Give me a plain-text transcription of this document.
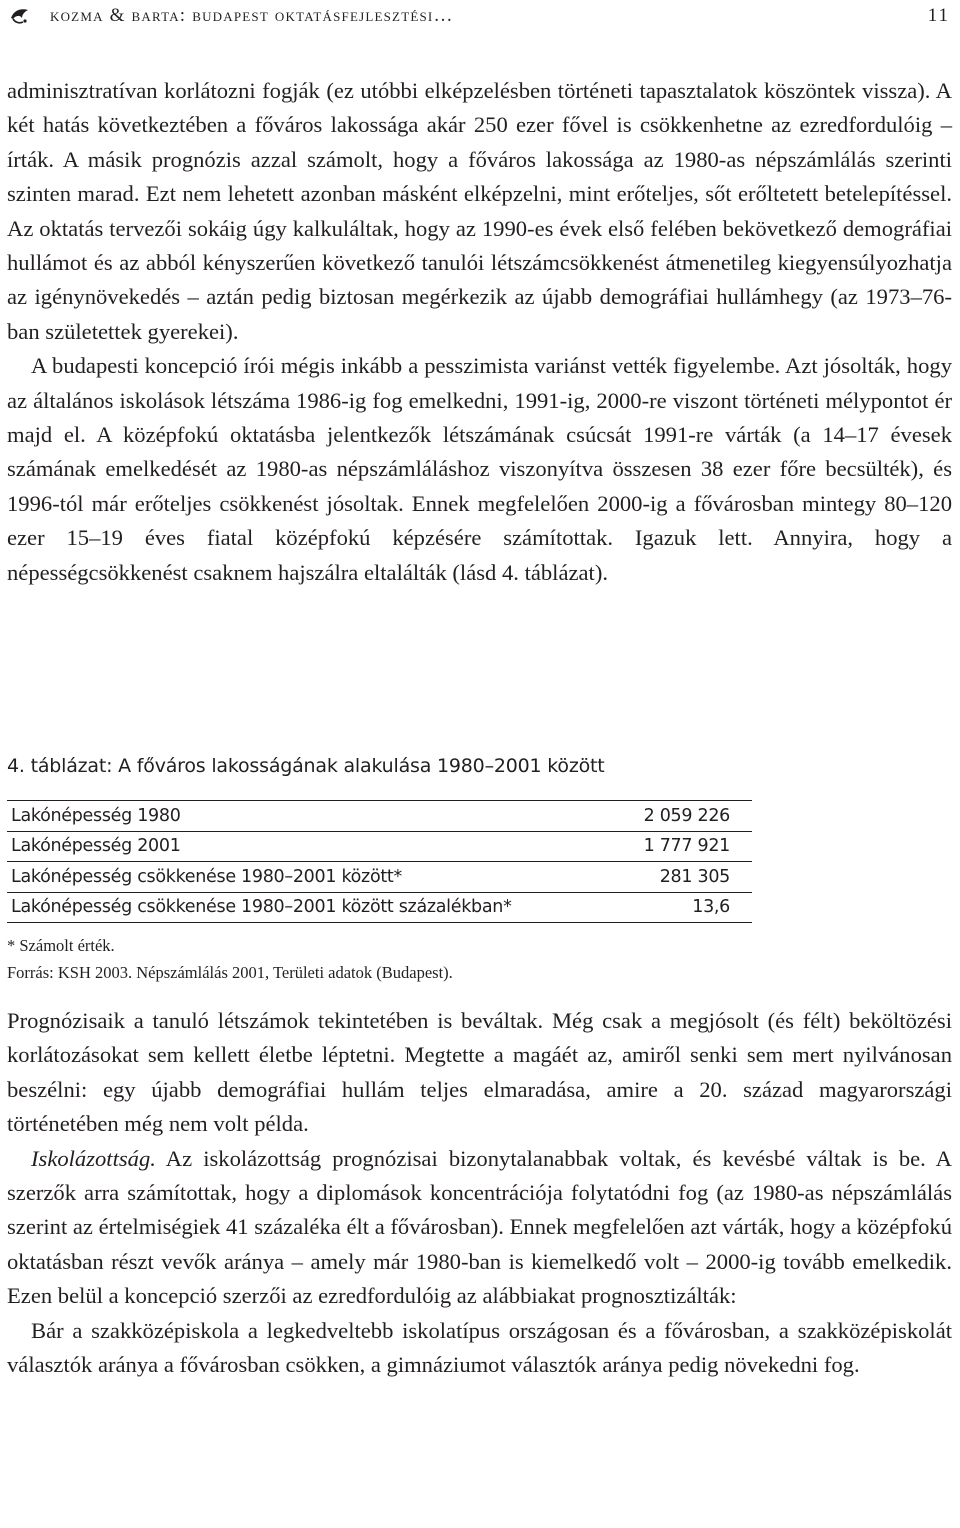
kozma & barta: budapest oktatásfejlesztési…	11

adminisztratívan korlátozni fogják (ez utóbbi elképzelésben történeti tapasztalatok köszöntek vissza). A két hatás következtében a főváros lakossága akár 250 ezer fővel is csökkenhetne az ezredfordulóig – írták. A másik prognózis azzal számolt, hogy a főváros lakossága az 1980-as népszámlálás szerinti szinten marad. Ezt nem lehetett azonban másként elképzelni, mint erőteljes, sőt erőltetett betelepítéssel. Az oktatás tervezői sokáig úgy kalkuláltak, hogy az 1990-es évek első felében bekövetkező demográfiai hullámot és az abból kényszerűen következő tanulói létszámcsökkenést átmenetileg kiegyensúlyozhatja az igénynövekedés – aztán pedig biztosan megérkezik az újabb demográfiai hullámhegy (az 1973–76-ban születettek gyerekei).

A budapesti koncepció írói mégis inkább a pesszimista variánst vették figyelembe. Azt jósolták, hogy az általános iskolások létszáma 1986-ig fog emelkedni, 1991-ig, 2000-re viszont történeti mélypontot ér majd el. A középfokú oktatásba jelentkezők létszámának csúcsát 1991-re várták (a 14–17 évesek számának emelkedését az 1980-as népszámláláshoz viszonyítva összesen 38 ezer főre becsülték), és 1996-tól már erőteljes csökkenést jósoltak. Ennek megfelelően 2000-ig a fővárosban mintegy 80–120 ezer 15–19 éves fiatal középfokú képzésére számítottak. Igazuk lett. Annyira, hogy a népességcsökkenést csaknem hajszálra eltalálták (lásd 4. táblázat).

4. táblázat: A főváros lakosságának alakulása 1980–2001 között
Lakónépesség 1980	2 059 226
Lakónépesség 2001	1 777 921
Lakónépesség csökkenése 1980–2001 között*	281 305
Lakónépesség csökkenése 1980–2001 között százalékban*	13,6
* Számolt érték.
Forrás: KSH 2003. Népszámlálás 2001, Területi adatok (Budapest).

Prognózisaik a tanuló létszámok tekintetében is beváltak. Még csak a megjósolt (és félt) beköltözési korlátozásokat sem kellett életbe léptetni. Megtette a magáét az, amiről senki sem mert nyilvánosan beszélni: egy újabb demográfiai hullám teljes elmaradása, amire a 20. század magyarországi történetében még nem volt példa.

Iskolázottság. Az iskolázottság prognózisai bizonytalanabbak voltak, és kevésbé váltak is be. A szerzők arra számítottak, hogy a diplomások koncentrációja folytatódni fog (az 1980-as népszámlálás szerint az értelmiségiek 41 százaléka élt a fővárosban). Ennek megfelelően azt várták, hogy a középfokú oktatásban részt vevők aránya – amely már 1980-ban is kiemelkedő volt – 2000-ig tovább emelkedik. Ezen belül a koncepció szerzői az ezredfordulóig az alábbiakat prognosztizálták:

Bár a szakközépiskola a legkedveltebb iskolatípus országosan és a fővárosban, a szakközépiskolát választók aránya a fővárosban csökken, a gimnáziumot választók aránya pedig növekedni fog.
